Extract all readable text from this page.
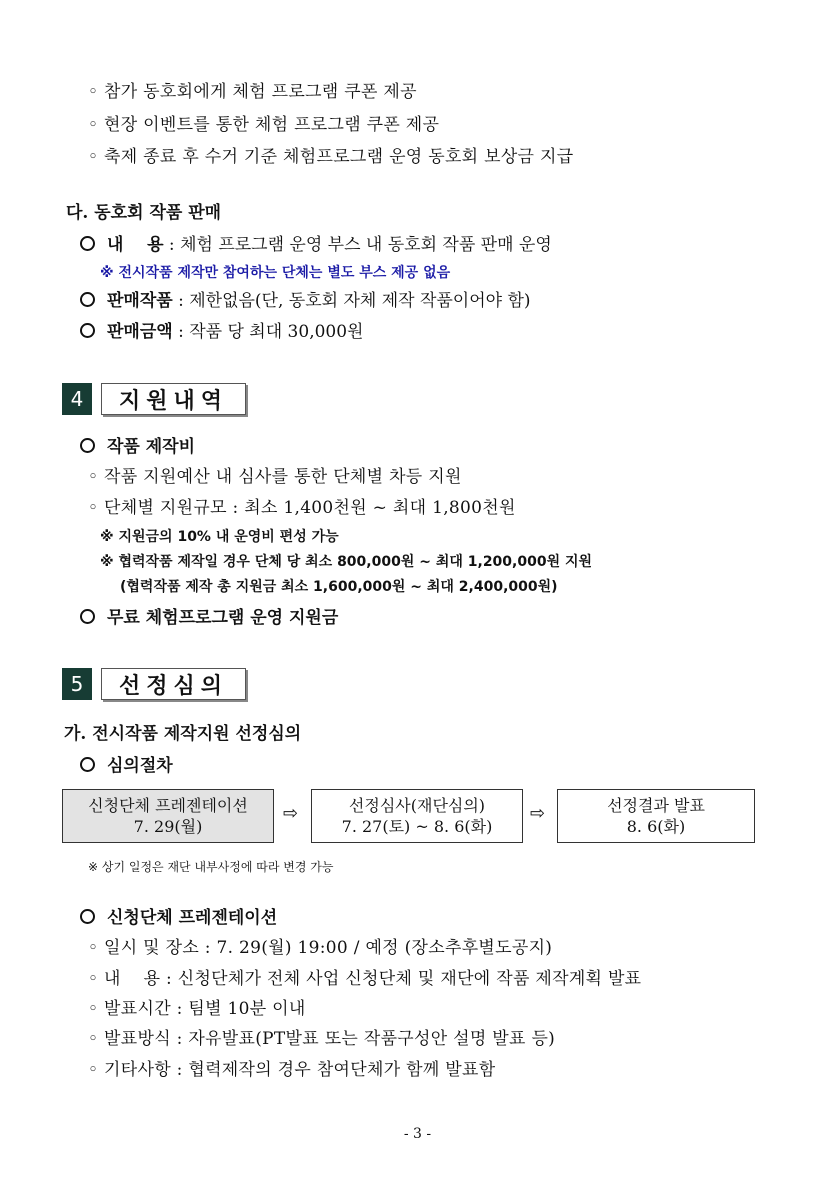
◦ 참가 동호회에게 체험 프로그램 쿠폰 제공
◦ 현장 이벤트를 통한 체험 프로그램 쿠폰 제공
◦ 축제 종료 후 수거 기준 체험프로그램 운영 동호회 보상금 지급
다. 동호회 작품 판매
내    용 : 체험 프로그램 운영 부스 내 동호회 작품 판매 운영
※ 전시작품 제작만 참여하는 단체는 별도 부스 제공 없음
판매작품 : 제한없음(단, 동호회 자체 제작 작품이어야 함)
판매금액 : 작품 당 최대 30,000원
4	지원내역
작품 제작비
◦ 작품 지원예산 내 심사를 통한 단체별 차등 지원
◦ 단체별 지원규모 : 최소 1,400천원 ~ 최대 1,800천원
※ 지원금의 10% 내 운영비 편성 가능
※ 협력작품 제작일 경우 단체 당 최소 800,000원 ~ 최대 1,200,000원 지원
(협력작품 제작 총 지원금 최소 1,600,000원 ~ 최대 2,400,000원)
무료 체험프로그램 운영 지원금
5	선정심의
가. 전시작품 제작지원 선정심의
심의절차
신청단체 프레젠테이션
7. 29(월)
⇨	선정심사(재단심의)
7. 27(토) ~ 8. 6(화)
⇨	선정결과 발표
8. 6(화)
※ 상기 일정은 재단 내부사정에 따라 변경 가능
신청단체 프레젠테이션
◦ 일시 및 장소 : 7. 29(월) 19:00 / 예정 (장소추후별도공지)
◦ 내    용 : 신청단체가 전체 사업 신청단체 및 재단에 작품 제작계획 발표
◦ 발표시간 : 팀별 10분 이내
◦ 발표방식 : 자유발표(PT발표 또는 작품구성안 설명 발표 등)
◦ 기타사항 : 협력제작의 경우 참여단체가 함께 발표함
- 3 -
